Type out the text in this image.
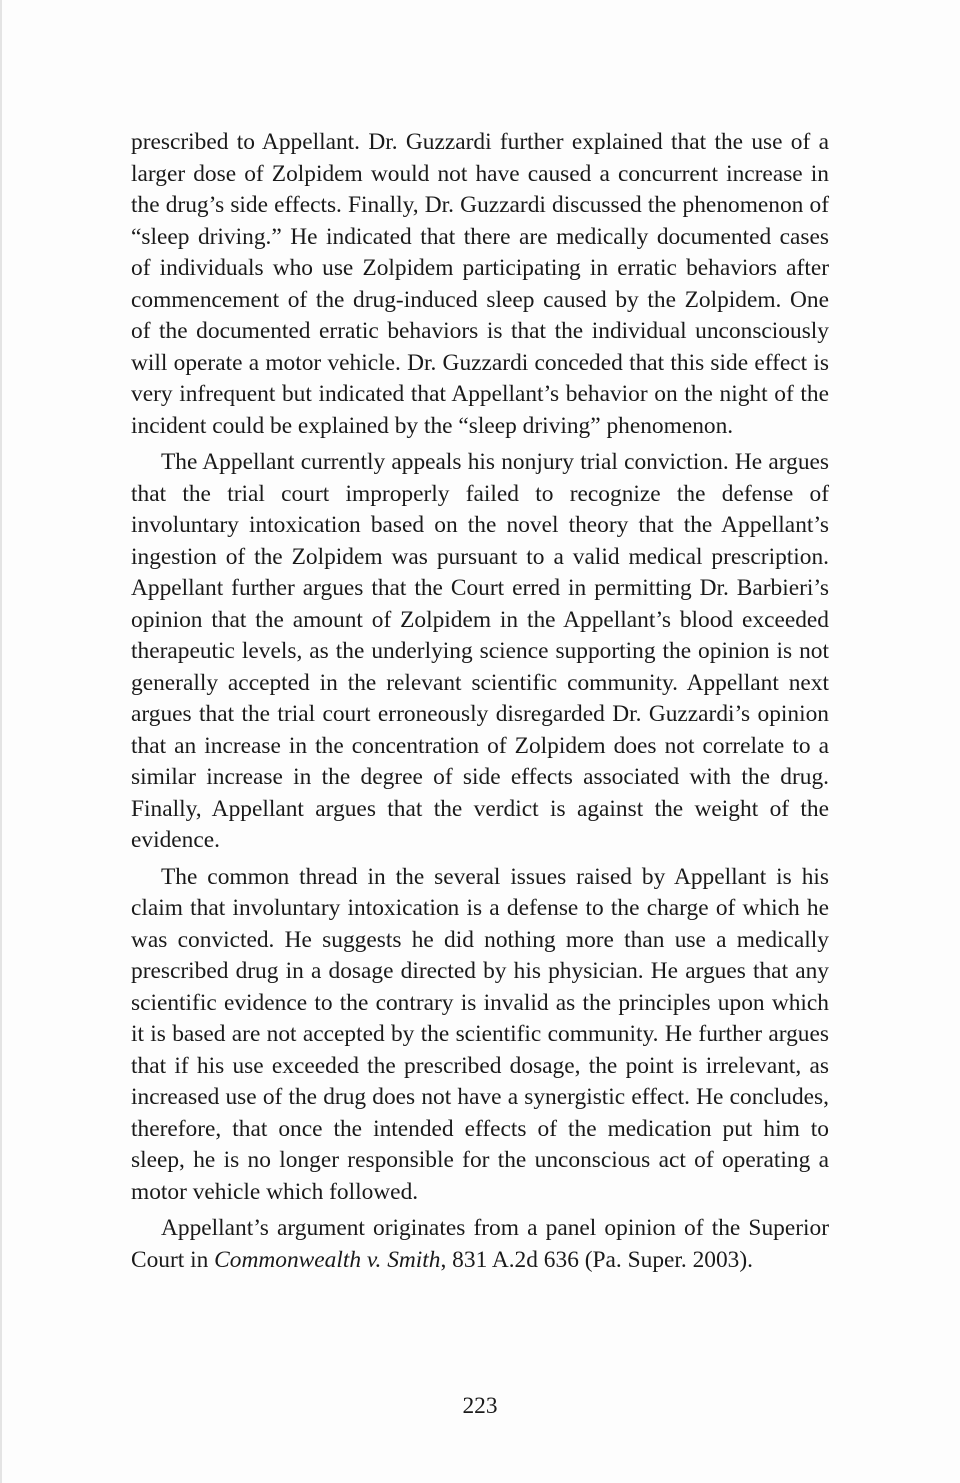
prescribed to Appellant. Dr. Guzzardi further explained that the use of a larger dose of Zolpidem would not have caused a concurrent increase in the drug’s side effects. Finally, Dr. Guzzardi discussed the phenomenon of “sleep driving.” He indicated that there are medically documented cases of individuals who use Zolpidem participating in erratic behaviors after commencement of the drug-induced sleep caused by the Zolpidem. One of the documented erratic behaviors is that the individual unconsciously will operate a motor vehicle. Dr. Guzzardi conceded that this side effect is very infrequent but indicated that Appellant’s behavior on the night of the incident could be explained by the “sleep driving” phenomenon.

The Appellant currently appeals his nonjury trial conviction. He argues that the trial court improperly failed to recognize the defense of involuntary intoxication based on the novel theory that the Appellant’s ingestion of the Zolpidem was pursuant to a valid medical prescription. Appellant further argues that the Court erred in permitting Dr. Barbieri’s opinion that the amount of Zolpidem in the Appellant’s blood exceeded therapeutic levels, as the underlying science supporting the opinion is not generally accepted in the relevant scientific community. Appellant next argues that the trial court erroneously disregarded Dr. Guzzardi’s opinion that an increase in the concentration of Zolpidem does not correlate to a similar increase in the degree of side effects associated with the drug. Finally, Appellant argues that the verdict is against the weight of the evidence.

The common thread in the several issues raised by Appellant is his claim that involuntary intoxication is a defense to the charge of which he was convicted. He suggests he did nothing more than use a medically prescribed drug in a dosage directed by his physician. He argues that any scientific evidence to the contrary is invalid as the principles upon which it is based are not accepted by the scientific community. He further argues that if his use exceeded the prescribed dosage, the point is irrelevant, as increased use of the drug does not have a synergistic effect. He concludes, therefore, that once the intended effects of the medication put him to sleep, he is no longer responsible for the unconscious act of operating a motor vehicle which followed.

Appellant’s argument originates from a panel opinion of the Superior Court in Commonwealth v. Smith, 831 A.2d 636 (Pa. Super. 2003).

223
